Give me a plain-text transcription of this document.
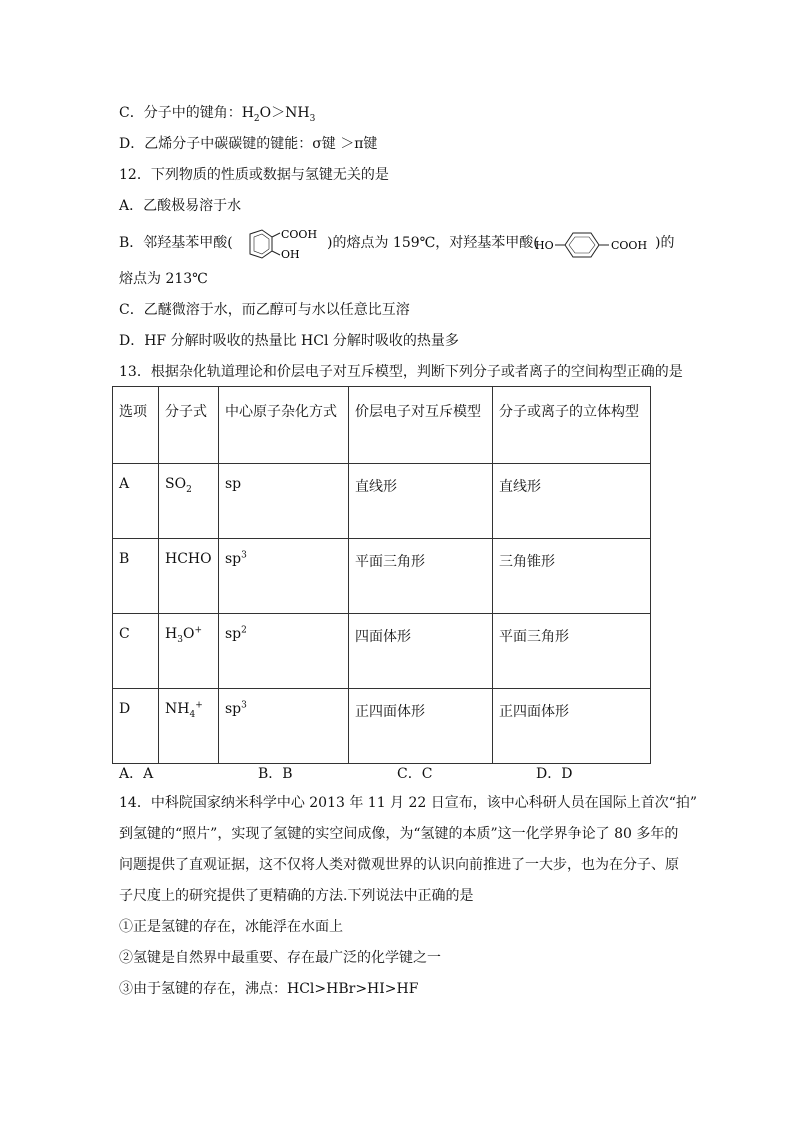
C．分子中的键角：$H_2O>NH_3$
D．乙烯分子中碳碳键的键能：σ键 ＞π键
12．下列物质的性质或数据与氢键无关的是
A．乙酸极易溶于水
B．邻羟基苯甲酸(
COOH
OH
)的熔点为 159℃，对羟基苯甲酸(
HO	COOH )的
熔点为 213℃
C．乙醚微溶于水，而乙醇可与水以任意比互溶
D．HF 分解时吸收的热量比 HCl 分解时吸收的热量多
13．根据杂化轨道理论和价层电子对互斥模型，判断下列分子或者离子的空间构型正确的是
选项	分子式	中心原子杂化方式	价层电子对互斥模型	分子或离子的立体构型
A	$SO_2$	sp	直线形	直线形
B	HCHO	$sp^3$	平面三角形	三角锥形
C	$H_3O^+$	$sp^2$	四面体形	平面三角形
D	$NH_4^+$	$sp^3$	正四面体形	正四面体形
A．A	B．B	C．C	D．D
14．中科院国家纳米科学中心 2013 年 11 月 22 日宣布，该中心科研人员在国际上首次“拍”
到氢键的“照片”，实现了氢键的实空间成像，为“氢键的本质”这一化学界争论了 80 多年的
问题提供了直观证据，这不仅将人类对微观世界的认识向前推进了一大步，也为在分子、原
子尺度上的研究提供了更精确的方法.下列说法中正确的是
①正是氢键的存在，冰能浮在水面上
②氢键是自然界中最重要、存在最广泛的化学键之一
③由于氢键的存在，沸点：HCl>HBr>HI>HF
